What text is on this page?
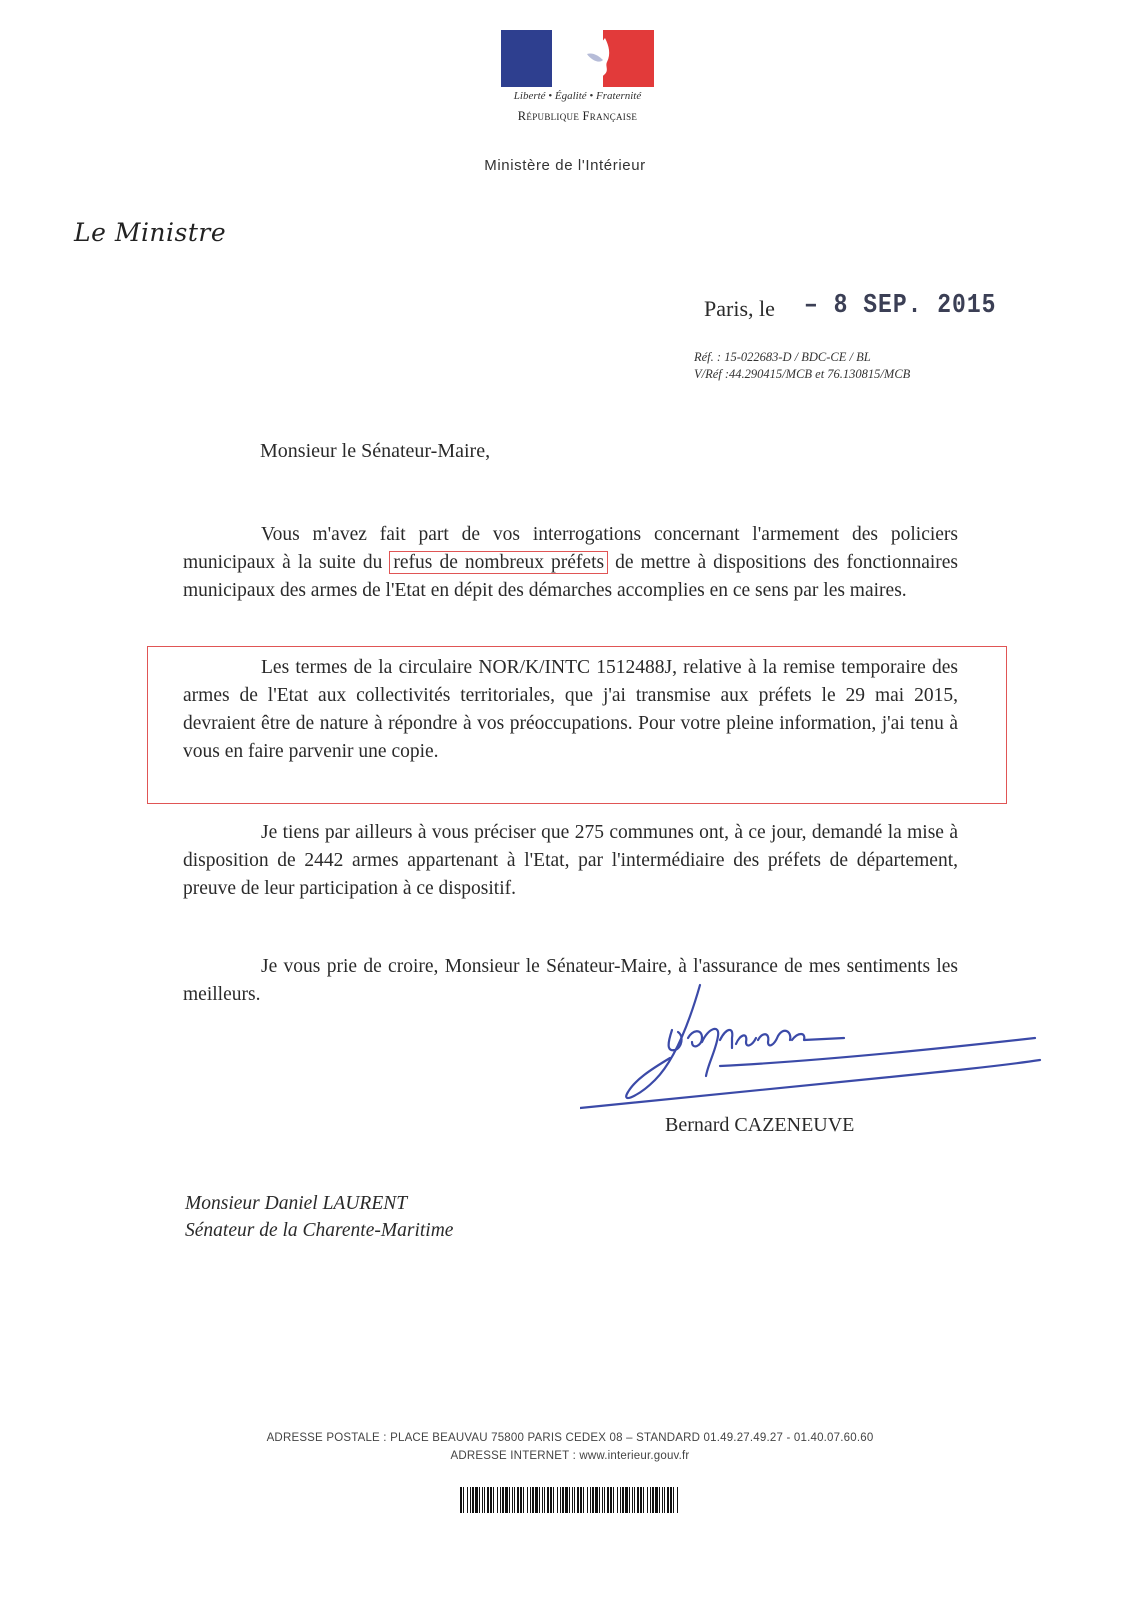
Liberté • Égalité • Fraternité
République Française
Ministère de l'Intérieur
Le Ministre
Paris, le – 8 SEP. 2015
Réf. : 15-022683-D / BDC-CE / BL
V/Réf :44.290415/MCB et 76.130815/MCB
Monsieur le Sénateur-Maire,

Vous m'avez fait part de vos interrogations concernant l'armement des policiers municipaux à la suite du refus de nombreux préfets de mettre à dispositions des fonctionnaires municipaux des armes de l'Etat en dépit des démarches accomplies en ce sens par les maires.

Les termes de la circulaire NOR/K/INTC 1512488J, relative à la remise temporaire des armes de l'Etat aux collectivités territoriales, que j'ai transmise aux préfets le 29 mai 2015, devraient être de nature à répondre à vos préoccupations. Pour votre pleine information, j'ai tenu à vous en faire parvenir une copie.

Je tiens par ailleurs à vous préciser que 275 communes ont, à ce jour, demandé la mise à disposition de 2442 armes appartenant à l'Etat, par l'intermédiaire des préfets de département, preuve de leur participation à ce dispositif.

Je vous prie de croire, Monsieur le Sénateur-Maire, à l'assurance de mes sentiments les meilleurs.

Bernard CAZENEUVE
Monsieur Daniel LAURENT
Sénateur de la Charente-Maritime
ADRESSE POSTALE : PLACE BEAUVAU 75800 PARIS CEDEX 08 – STANDARD 01.49.27.49.27 - 01.40.07.60.60
ADRESSE INTERNET : www.interieur.gouv.fr
